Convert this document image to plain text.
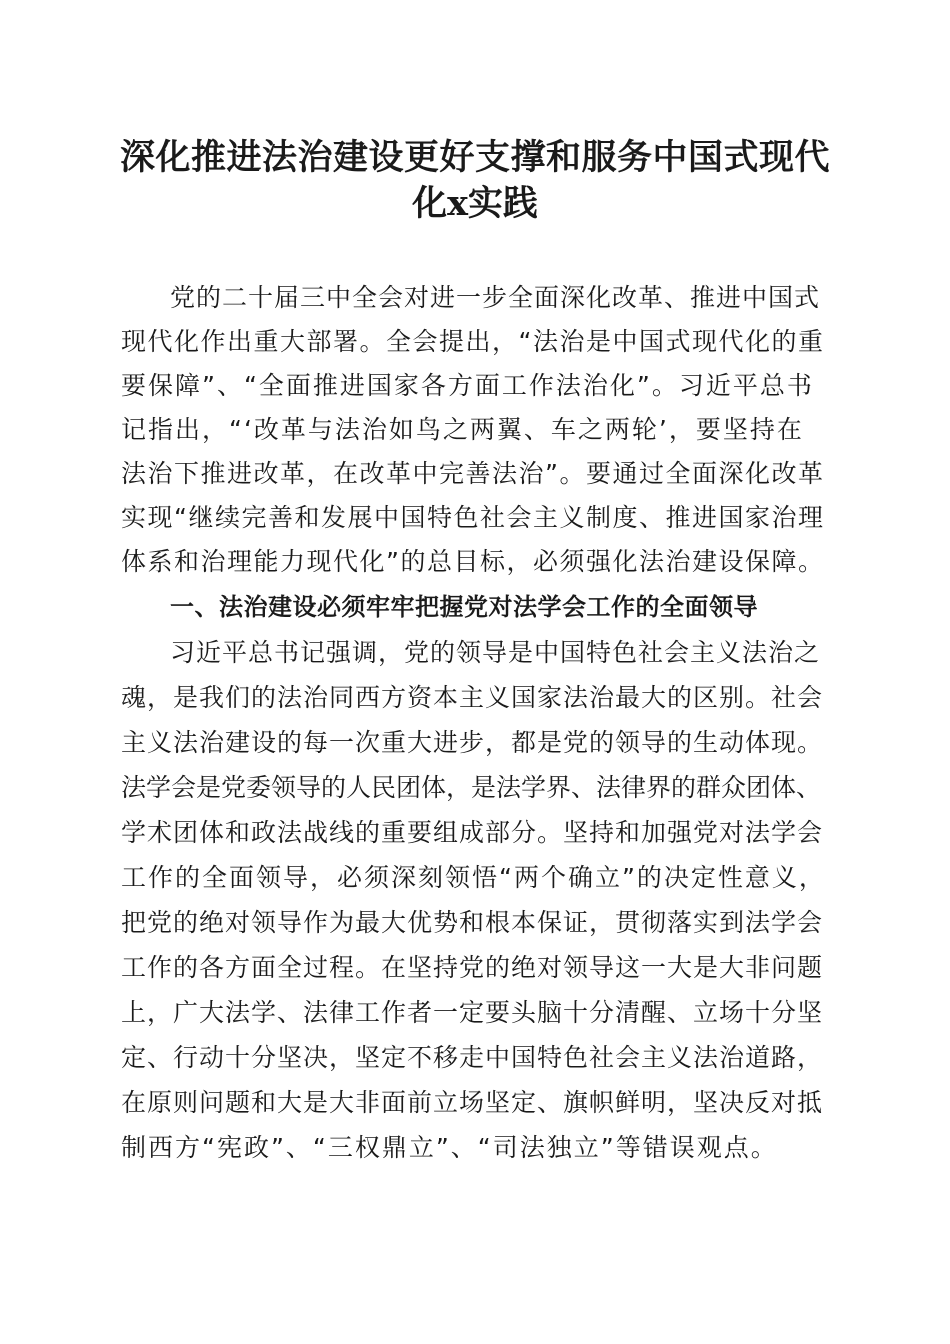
深化推进法治建设更好支撑和服务中国式现代
化x实践

党的二十届三中全会对进一步全面深化改革、推进中国式

现代化作出重大部署。全会提出，“法治是中国式现代化的重

要保障”、“全面推进国家各方面工作法治化”。习近平总书

记指出，“‘改革与法治如鸟之两翼、车之两轮’，要坚持在

法治下推进改革，在改革中完善法治”。要通过全面深化改革

实现“继续完善和发展中国特色社会主义制度、推进国家治理

体系和治理能力现代化”的总目标，必须强化法治建设保障。

一、法治建设必须牢牢把握党对法学会工作的全面领导

习近平总书记强调，党的领导是中国特色社会主义法治之

魂，是我们的法治同西方资本主义国家法治最大的区别。社会

主义法治建设的每一次重大进步，都是党的领导的生动体现。

法学会是党委领导的人民团体，是法学界、法律界的群众团体、

学术团体和政法战线的重要组成部分。坚持和加强党对法学会

工作的全面领导，必须深刻领悟“两个确立”的决定性意义，

把党的绝对领导作为最大优势和根本保证，贯彻落实到法学会

工作的各方面全过程。在坚持党的绝对领导这一大是大非问题

上，广大法学、法律工作者一定要头脑十分清醒、立场十分坚

定、行动十分坚决，坚定不移走中国特色社会主义法治道路，

在原则问题和大是大非面前立场坚定、旗帜鲜明，坚决反对抵

制西方“宪政”、“三权鼎立”、“司法独立”等错误观点。
